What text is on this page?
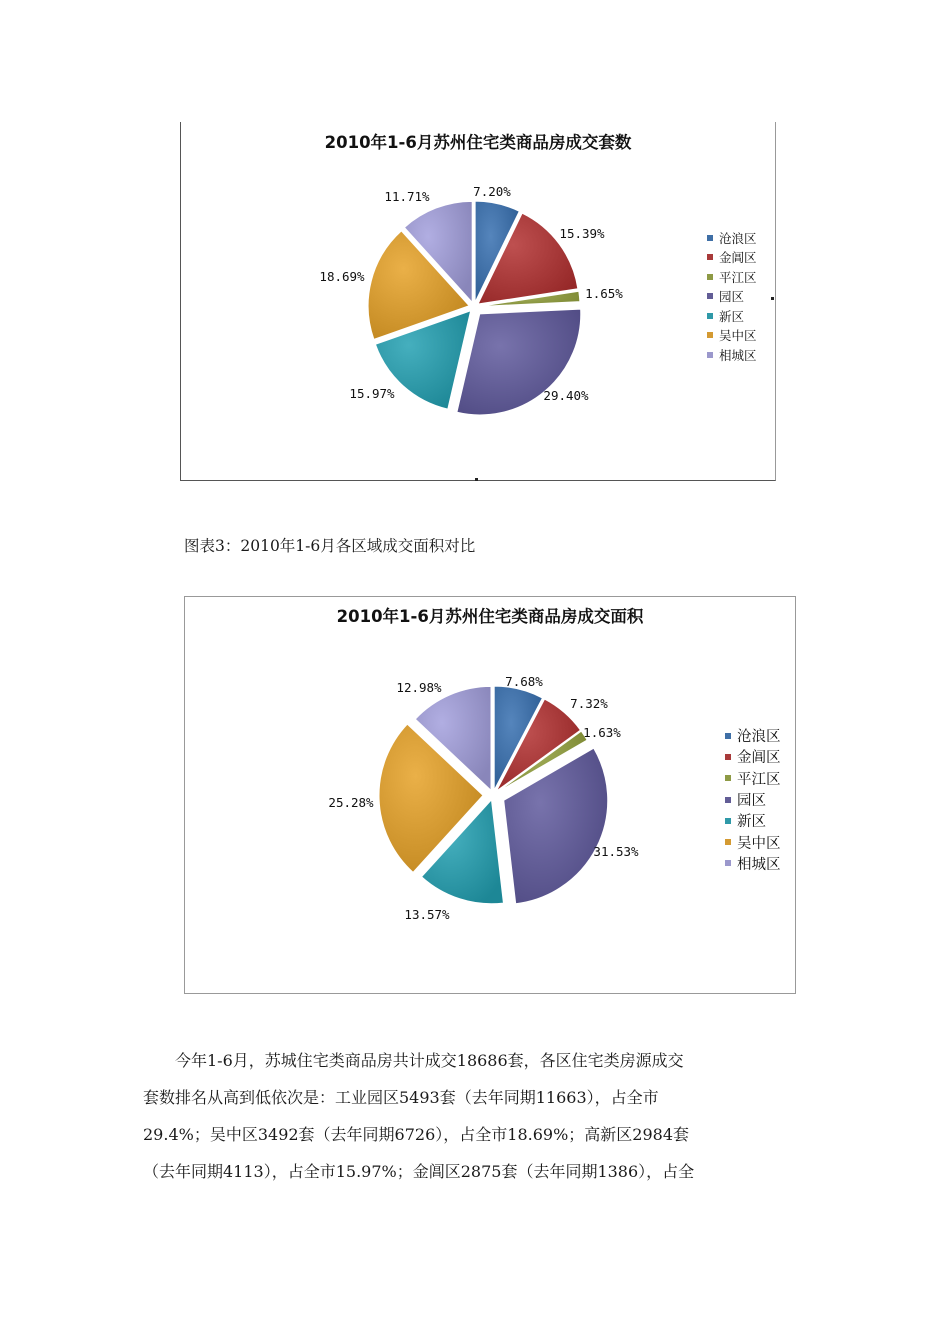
2010年1-6月苏州住宅类商品房成交套数
7.20%
15.39%
1.65%
29.40%
15.97%
18.69%
11.71%
沧浪区
金阊区
平江区
园区
新区
吴中区
相城区
图表3：2010年1-6月各区域成交面积对比
2010年1-6月苏州住宅类商品房成交面积
7.68%
7.32%
1.63%
31.53%
13.57%
25.28%
12.98%
沧浪区
金阊区
平江区
园区
新区
吴中区
相城区
　　今年1-6月，苏城住宅类商品房共计成交18686套，各区住宅类房源成交
套数排名从高到低依次是：工业园区5493套（去年同期11663），占全市
29.4%；吴中区3492套（去年同期6726），占全市18.69%；高新区2984套
（去年同期4113），占全市15.97%；金阊区2875套（去年同期1386），占全
